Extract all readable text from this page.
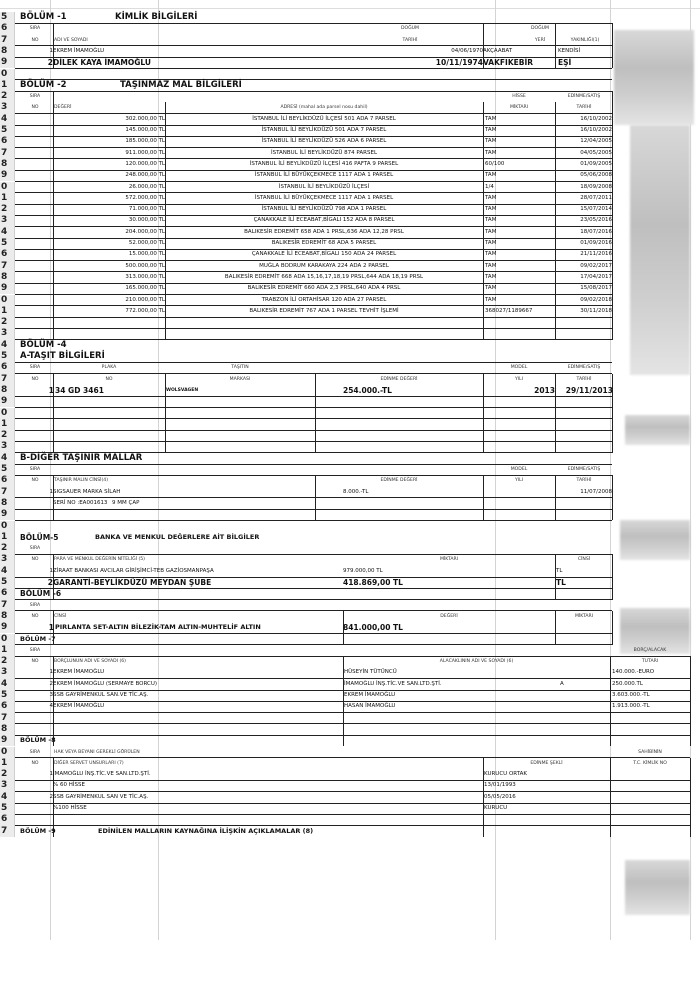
5	BÖLÜM -1	KİMLİK BİLGİLERİ
6	SIRA	DOĞUM	DOĞUM
7	NO	ADI VE SOYADI	TARİHİ	YERİ	YAKINLIĞI(1)
8	1 EKREM İMAMOĞLU	04/06/1970 AKÇAABAT	KENDİSİ
9	2 DİLEK KAYA İMAMOĞLU	10/11/1974 VAKFIKEBİR	EŞİ
0
1	BÖLÜM -2	TAŞINMAZ MAL BİLGİLERİ
2	SIRA	HİSSE	EDİNME/SATIŞ
3	NO	DEĞERİ	ADRESİ (mahal ada parsel nosu dahil)	MİKTARI	TARİHİ
4	302.000,00 TL	İSTANBUL İLİ BEYLİKDÜZÜ İLÇESİ 501 ADA 7 PARSEL	TAM	16/10/2002
5	145.000,00 TL	İSTANBUL İLİ BEYLİKDÜZÜ 501 ADA 7 PARSEL	TAM	16/10/2002
6	185.000,00 TL	İSTANBUL İLİ BEYLİKDÜZÜ 526 ADA 6 PARSEL	TAM	12/04/2005
7	911.000,00 TL	İSTANBUL İLİ BEYLİKDÜZÜ 874 PARSEL	TAM	04/05/2005
8	120.000,00 TL	İSTANBUL İLİ BEYLİKDÜZÜ İLÇESİ 416 PAFTA 9 PARSEL	60/100	01/09/2005
9	248.000,00 TL	İSTANBUL İLİ BÜYÜKÇEKMECE 1117 ADA 1 PARSEL	TAM	05/06/2008
0	26.000,00 TL	İSTANBUL İLİ BEYLİKDÜZÜ İLÇESİ	1/4	18/09/2008
1	572.000,00 TL	İSTANBUL İLİ BÜYÜKÇEKMECE 1117 ADA 1 PARSEL	TAM	28/07/2011
2	71.000,00 TL	İSTANBUL İLİ BEYLİKDÜZÜ 798 ADA 1 PARSEL	TAM	15/07/2014
3	30.000,00 TL	ÇANAKKALE İLİ ECEABAT,BİGALI 152 ADA 8 PARSEL	TAM	23/05/2016
4	204.000,00 TL	BALIKESİR EDREMİT 658 ADA 1 PRSL,636 ADA 12,28 PRSL	TAM	18/07/2016
5	52.000,00 TL	BALIKESİR EDREMİT 68 ADA 5 PARSEL	TAM	01/09/2016
6	15.000,00 TL	ÇANAKKALE İLİ ECEABAT,BİGALI 150 ADA 24 PARSEL	TAM	21/11/2016
7	500.000,00 TL	MUĞLA BODRUM KARAKAYA 224 ADA 2 PARSEL	TAM	09/02/2017
8	313.000,00 TL	BALIKESİR EDREMİT 668 ADA 15,16,17,18,19 PRSL,644 ADA 18,19 PRSL	TAM	17/04/2017
9	165.000,00 TL	BALIKESİR EDREMİT 660 ADA 2,3 PRSL,640 ADA 4 PRSL	TAM	15/08/2017
0	210.000,00 TL	TRABZON İLİ ORTAHİSAR 120 ADA 27 PARSEL	TAM	09/02/2018
1	772.000,00 TL	BALIKESİR EDREMİT 767 ADA 1 PARSEL TEVHİT İŞLEMİ	368027/1189667	30/11/2018
2
3
4	BÖLÜM -4
5	A-TAŞIT BİLGİLERİ
6	SIRA	PLAKA	TAŞITIN	MODEL	EDİNME/SATIŞ
7	NO	NO	MARKASI	EDİNME DEĞERİ	YILI	TARİHİ
8	1 34 GD 3461	WOLSVAGEN	254.000.-TL	2013	29/11/2013
9
0
1
2
3
4	B-DİĞER TAŞINIR MALLAR
5	SIRA	MODEL	EDİNME/SATIŞ
6	NO	TAŞINIR MALIN CİNSİ(4)	EDİNME DEĞERİ	YILI	TARİHİ
7	1 SIGSAUER MARKA SİLAH	8.000.-TL	11/07/2008
8	SERİ NO :EA001613 9 MM ÇAP
9
0
1	BÖLÜM-5	BANKA VE MENKUL DEĞERLERE AİT BİLGİLER
2	SIRA
3	NO	PARA VE MENKUL DEĞERİN NİTELİĞİ (5)	MİKTARI	CİNSİ
4	1 ZİRAAT BANKASI AVCILAR GİRİŞİMCİ-TEB GAZİOSMANPAŞA	979.000,00 TL	TL
5	2 GARANTİ-BEYLİKDÜZÜ MEYDAN ŞUBE	418.869,00 TL	TL
6	BÖLÜM -6
7	SIRA
8	NO	CİNSİ	DEĞERİ	MİKTARI
9	1 PIRLANTA SET-ALTIN BİLEZİK-TAM ALTIN-MUHTELİF ALTIN	841.000,00 TL
0	BÖLÜM -7
1	SIRA	BORÇ/ALACAK
2	NO	BORÇLUNUN ADI VE SOYADI (6)	ALACAKLININ ADI VE SOYADI (6)	TUTARI
3	1 EKREM İMAMOĞLU	HÜSEYİN TÜTÜNCÜ	140.000.-EURO
4	2 EKREM İMAMOĞLU (SERMAYE BORCU)	İMAMOĞLU İNŞ.TİC.VE SAN.LTD.ŞTİ.	A	250.000.TL
5	3 SSB GAYRİMENKUL SAN.VE TİC.AŞ.	EKREM İMAMOĞLU	3.603.000.-TL
6	4 EKREM İMAMOĞLU	HASAN İMAMOĞLU	1.913.000.-TL
7
8
9	BÖLÜM -8
0	SIRA	HAK VEYA BEYANI GEREKLİ GÖRÜLEN	SAHİBİNİN
1	NO	DİĞER SERVET UNSURLARI (7)	EDİNME ŞEKLİ	T.C. KİMLİK NO
2	1 İMAMOĞLU İNŞ.TİC.VE SAN.LTD.ŞTİ.	KURUCU ORTAK
3	% 60 HİSSE	13/01/1993
4	2 SSB GAYRİMENKUL SAN VE TİC.AŞ.	05/05/2016
5	%100 HİSSE	KURUCU
6
7	BÖLÜM -9	EDİNİLEN MALLARIN KAYNAĞINA İLİŞKİN AÇIKLAMALAR (8)
